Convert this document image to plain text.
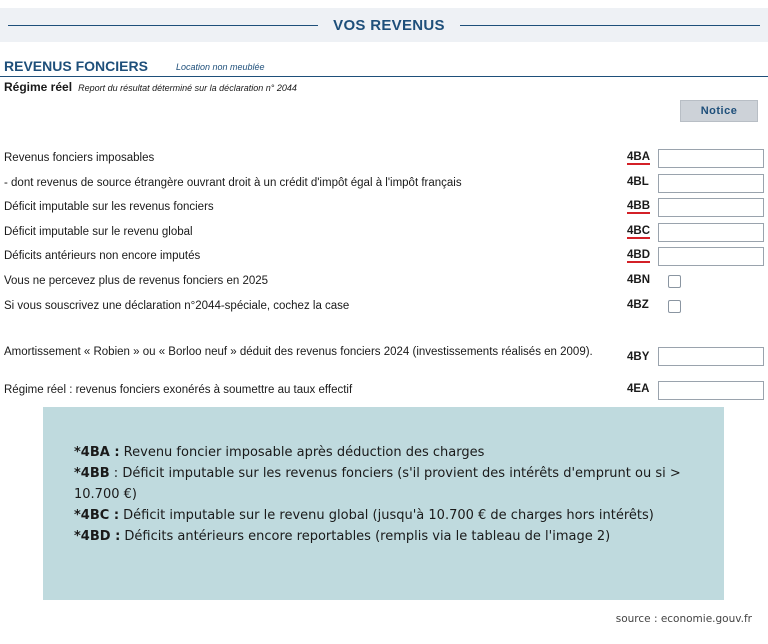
VOS REVENUS
REVENUS FONCIERS	Location non meublée
Régime réel Report du résultat déterminé sur la déclaration n° 2044
Notice
Revenus fonciers imposables	4BA
- dont revenus de source étrangère ouvrant droit à un crédit d'impôt égal à l'impôt français	4BL
Déficit imputable sur les revenus fonciers	4BB
Déficit imputable sur le revenu global	4BC
Déficits antérieurs non encore imputés	4BD
Vous ne percevez plus de revenus fonciers en 2025	4BN
Si vous souscrivez une déclaration n°2044-spéciale, cochez la case	4BZ
Amortissement « Robien » ou « Borloo neuf » déduit des revenus fonciers 2024 (investissements réalisés en 2009).	4BY
Régime réel : revenus fonciers exonérés à soumettre au taux effectif	4EA

*4BA : Revenu foncier imposable après déduction des charges

*4BB : Déficit imputable sur les revenus fonciers (s'il provient des intérêts d'emprunt ou si > 10.700 €)

*4BC : Déficit imputable sur le revenu global (jusqu'à 10.700 € de charges hors intérêts)

*4BD : Déficits antérieurs encore reportables (remplis via le tableau de l'image 2)

source : economie.gouv.fr
